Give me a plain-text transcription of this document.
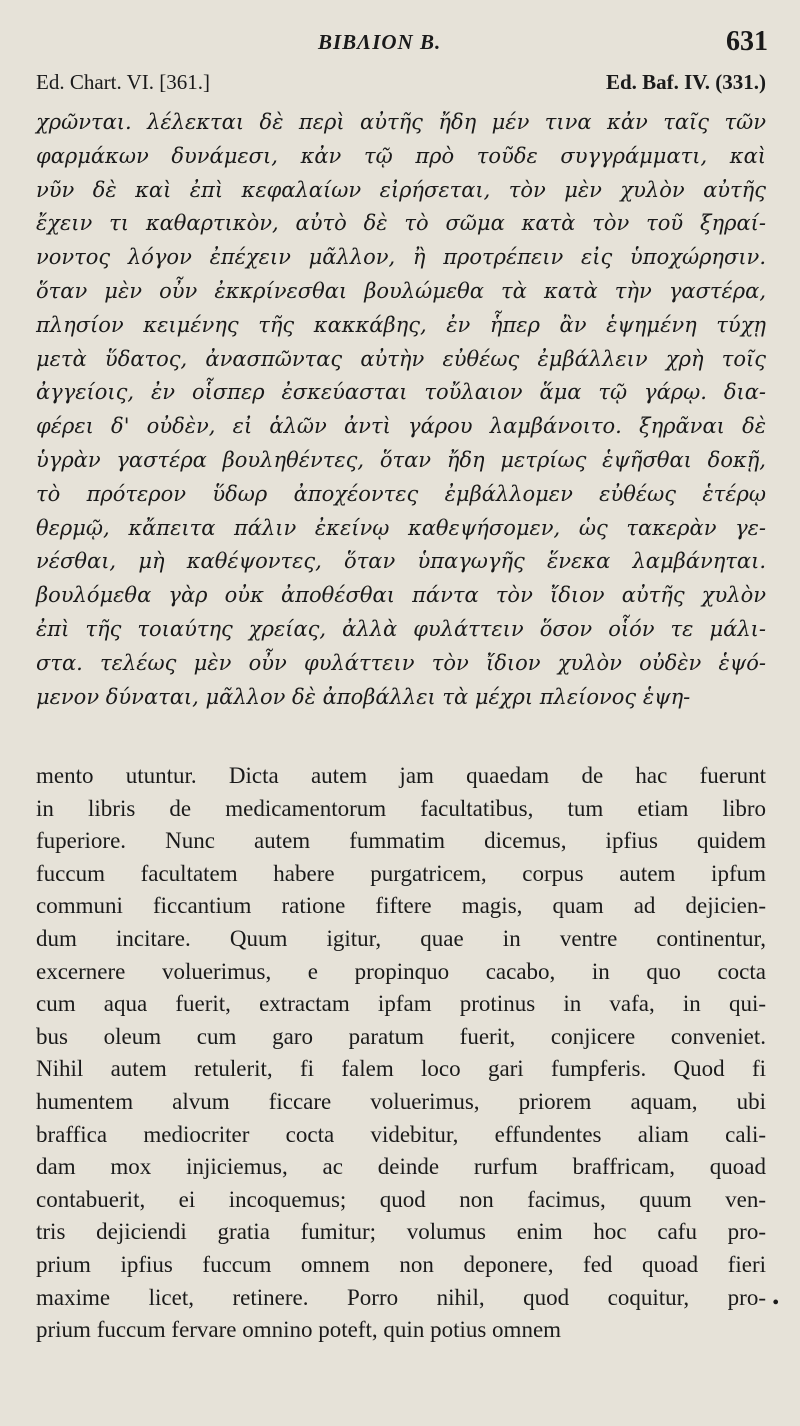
BIBΛΙΟΝ Β.	631
Ed. Chart. VI. [361.]	Ed. Baf. IV. (331.)
χρῶνται. λέλεκται δὲ περὶ αὐτῆς ἤδη μέν τινα κἀν ταῖς τῶν
φαρμάκων δυνάμεσι, κἀν τῷ πρὸ τοῦδε συγγράμματι, καὶ
νῦν δὲ καὶ ἐπὶ κεφαλαίων εἰρήσεται, τὸν μὲν χυλὸν αὐτῆς
ἔχειν τι καθαρτικὸν, αὐτὸ δὲ τὸ σῶμα κατὰ τὸν τοῦ ξηραί-
νοντος λόγον ἐπέχειν μᾶλλον, ἢ προτρέπειν εἰς ὑποχώρησιν.
ὅταν μὲν οὖν ἐκκρίνεσθαι βουλώμεθα τὰ κατὰ τὴν γαστέρα,
πλησίον κειμένης τῆς κακκάβης, ἐν ἧπερ ἂν ἑψημένη τύχῃ
μετὰ ὕδατος, ἀνασπῶντας αὐτὴν εὐθέως ἐμβάλλειν χρὴ τοῖς
ἀγγείοις, ἐν οἷσπερ ἐσκεύασται τοὔλαιον ἅμα τῷ γάρῳ. δια-
φέρει δ' οὐδὲν, εἰ ἁλῶν ἀντὶ γάρου λαμβάνοιτο. ξηρᾶναι δὲ
ὑγρὰν γαστέρα βουληθέντες, ὅταν ἤδη μετρίως ἑψῆσθαι δοκῇ,
τὸ πρότερον ὕδωρ ἀποχέοντες ἐμβάλλομεν εὐθέως ἑτέρῳ
θερμῷ, κἄπειτα πάλιν ἐκείνῳ καθεψήσομεν, ὡς τακερὰν γε-
νέσθαι, μὴ καθέψοντες, ὅταν ὑπαγωγῆς ἕνεκα λαμβάνηται.
βουλόμεθα γὰρ οὐκ ἀποθέσθαι πάντα τὸν ἴδιον αὐτῆς χυλὸν
ἐπὶ τῆς τοιαύτης χρείας, ἀλλὰ φυλάττειν ὅσον οἷόν τε μάλι-
στα. τελέως μὲν οὖν φυλάττειν τὸν ἴδιον χυλὸν οὐδὲν ἑψό-
μενον δύναται, μᾶλλον δὲ ἀποβάλλει τὰ μέχρι πλείονος ἑψη-
mento utuntur. Dicta autem jam quaedam de hac fuerunt
in libris de medicamentorum facultatibus, tum etiam libro
fuperiore. Nunc autem fummatim dicemus, ipfius quidem
fuccum facultatem habere purgatricem, corpus autem ipfum
communi ficcantium ratione fiftere magis, quam ad dejicien-
dum incitare. Quum igitur, quae in ventre continentur,
excernere voluerimus, e propinquo cacabo, in quo cocta
cum aqua fuerit, extractam ipfam protinus in vafa, in qui-
bus oleum cum garo paratum fuerit, conjicere conveniet.
Nihil autem retulerit, fi falem loco gari fumpferis. Quod fi
humentem alvum ficcare voluerimus, priorem aquam, ubi
braffica mediocriter cocta videbitur, effundentes aliam cali-
dam mox injiciemus, ac deinde rurfum braffricam, quoad
contabuerit, ei incoquemus; quod non facimus, quum ven-
tris dejiciendi gratia fumitur; volumus enim hoc cafu pro-
prium ipfius fuccum omnem non deponere, fed quoad fieri
maxime licet, retinere. Porro nihil, quod coquitur, pro-
prium fuccum fervare omnino poteft, quin potius omnem
•
